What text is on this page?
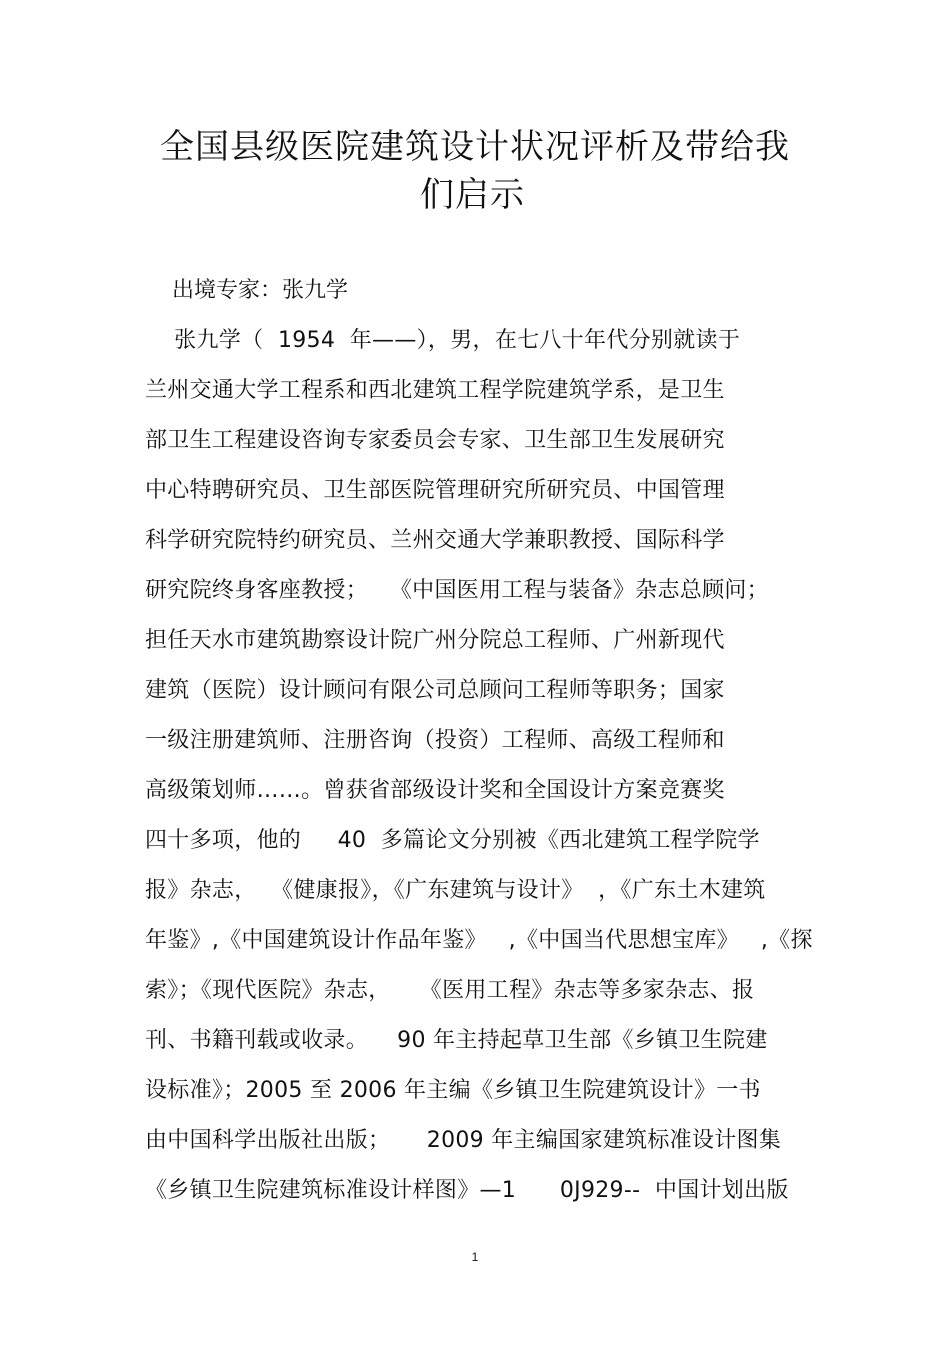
全国县级医院建筑设计状况评析及带给我
们启示

出境专家：张九学

张九学（  1954  年——），男，在七八十年代分别就读于
兰州交通大学工程系和西北建筑工程学院建筑学系，是卫生
部卫生工程建设咨询专家委员会专家、卫生部卫生发展研究
中心特聘研究员、卫生部医院管理研究所研究员、中国管理
科学研究院特约研究员、兰州交通大学兼职教授、国际科学
研究院终身客座教授；   《中国医用工程与装备》杂志总顾问；
担任天水市建筑勘察设计院广州分院总工程师、广州新现代
建筑（医院）设计顾问有限公司总顾问工程师等职务；国家
一级注册建筑师、注册咨询（投资）工程师、高级工程师和
高级策划师……。曾获省部级设计奖和全国设计方案竞赛奖
四十多项，他的     40  多篇论文分别被《西北建筑工程学院学
报》杂志，  《健康报》，《广东建筑与设计》  ，《广东土木建筑
年鉴》,《中国建筑设计作品年鉴》   ,《中国当代思想宝库》   ,《探
索》；《现代医院》杂志，    《医用工程》杂志等多家杂志、报
刊、书籍刊载或收录。    90 年主持起草卫生部《乡镇卫生院建
设标准》；2005 至 2006 年主编《乡镇卫生院建筑设计》一书
由中国科学出版社出版；     2009 年主编国家建筑标准设计图集
《乡镇卫生院建筑标准设计样图》—1      0J929--  中国计划出版
1
